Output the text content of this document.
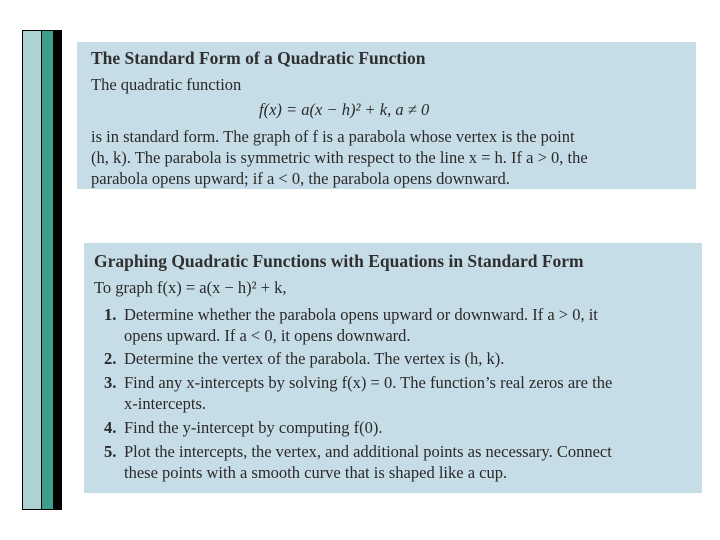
The Standard Form of a Quadratic Function
The quadratic function
f(x) = a(x − h)² + k, a ≠ 0
is in standard form. The graph of f is a parabola whose vertex is the point
(h, k). The parabola is symmetric with respect to the line x = h. If a > 0, the
parabola opens upward; if a < 0, the parabola opens downward.
Graphing Quadratic Functions with Equations in Standard Form
To graph f(x) = a(x − h)² + k,
1. Determine whether the parabola opens upward or downward. If a > 0, it
opens upward. If a < 0, it opens downward.
2. Determine the vertex of the parabola. The vertex is (h, k).
3. Find any x-intercepts by solving f(x) = 0. The function’s real zeros are the
x-intercepts.
4. Find the y-intercept by computing f(0).
5. Plot the intercepts, the vertex, and additional points as necessary. Connect
these points with a smooth curve that is shaped like a cup.
